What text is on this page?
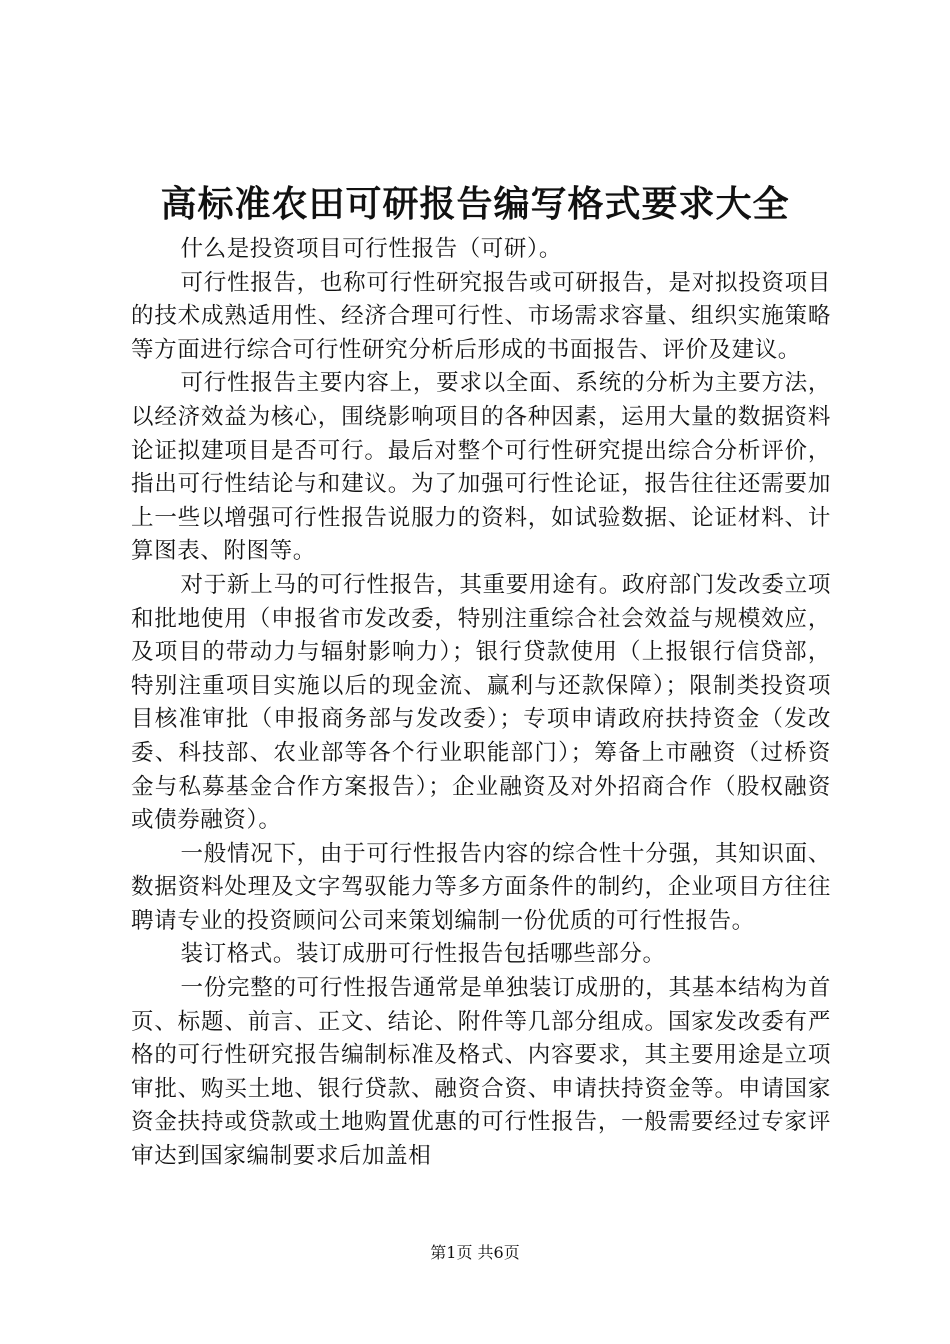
高标准农田可研报告编写格式要求大全

什么是投资项目可行性报告（可研）。

可行性报告，也称可行性研究报告或可研报告，是对拟投资项目的技术成熟适用性、经济合理可行性、市场需求容量、组织实施策略等方面进行综合可行性研究分析后形成的书面报告、评价及建议。

可行性报告主要内容上，要求以全面、系统的分析为主要方法，以经济效益为核心，围绕影响项目的各种因素，运用大量的数据资料论证拟建项目是否可行。最后对整个可行性研究提出综合分析评价，指出可行性结论与和建议。为了加强可行性论证，报告往往还需要加上一些以增强可行性报告说服力的资料，如试验数据、论证材料、计算图表、附图等。

对于新上马的可行性报告，其重要用途有。政府部门发改委立项和批地使用（申报省市发改委，特别注重综合社会效益与规模效应，及项目的带动力与辐射影响力）；银行贷款使用（上报银行信贷部，特别注重项目实施以后的现金流、赢利与还款保障）；限制类投资项目核准审批（申报商务部与发改委）；专项申请政府扶持资金（发改委、科技部、农业部等各个行业职能部门）；筹备上市融资（过桥资金与私募基金合作方案报告）；企业融资及对外招商合作（股权融资或债券融资）。

一般情况下，由于可行性报告内容的综合性十分强，其知识面、数据资料处理及文字驾驭能力等多方面条件的制约，企业项目方往往聘请专业的投资顾问公司来策划编制一份优质的可行性报告。

装订格式。装订成册可行性报告包括哪些部分。

一份完整的可行性报告通常是单独装订成册的，其基本结构为首页、标题、前言、正文、结论、附件等几部分组成。国家发改委有严格的可行性研究报告编制标准及格式、内容要求，其主要用途是立项审批、购买土地、银行贷款、融资合资、申请扶持资金等。申请国家资金扶持或贷款或土地购置优惠的可行性报告，一般需要经过专家评审达到国家编制要求后加盖相

第1页 共6页
